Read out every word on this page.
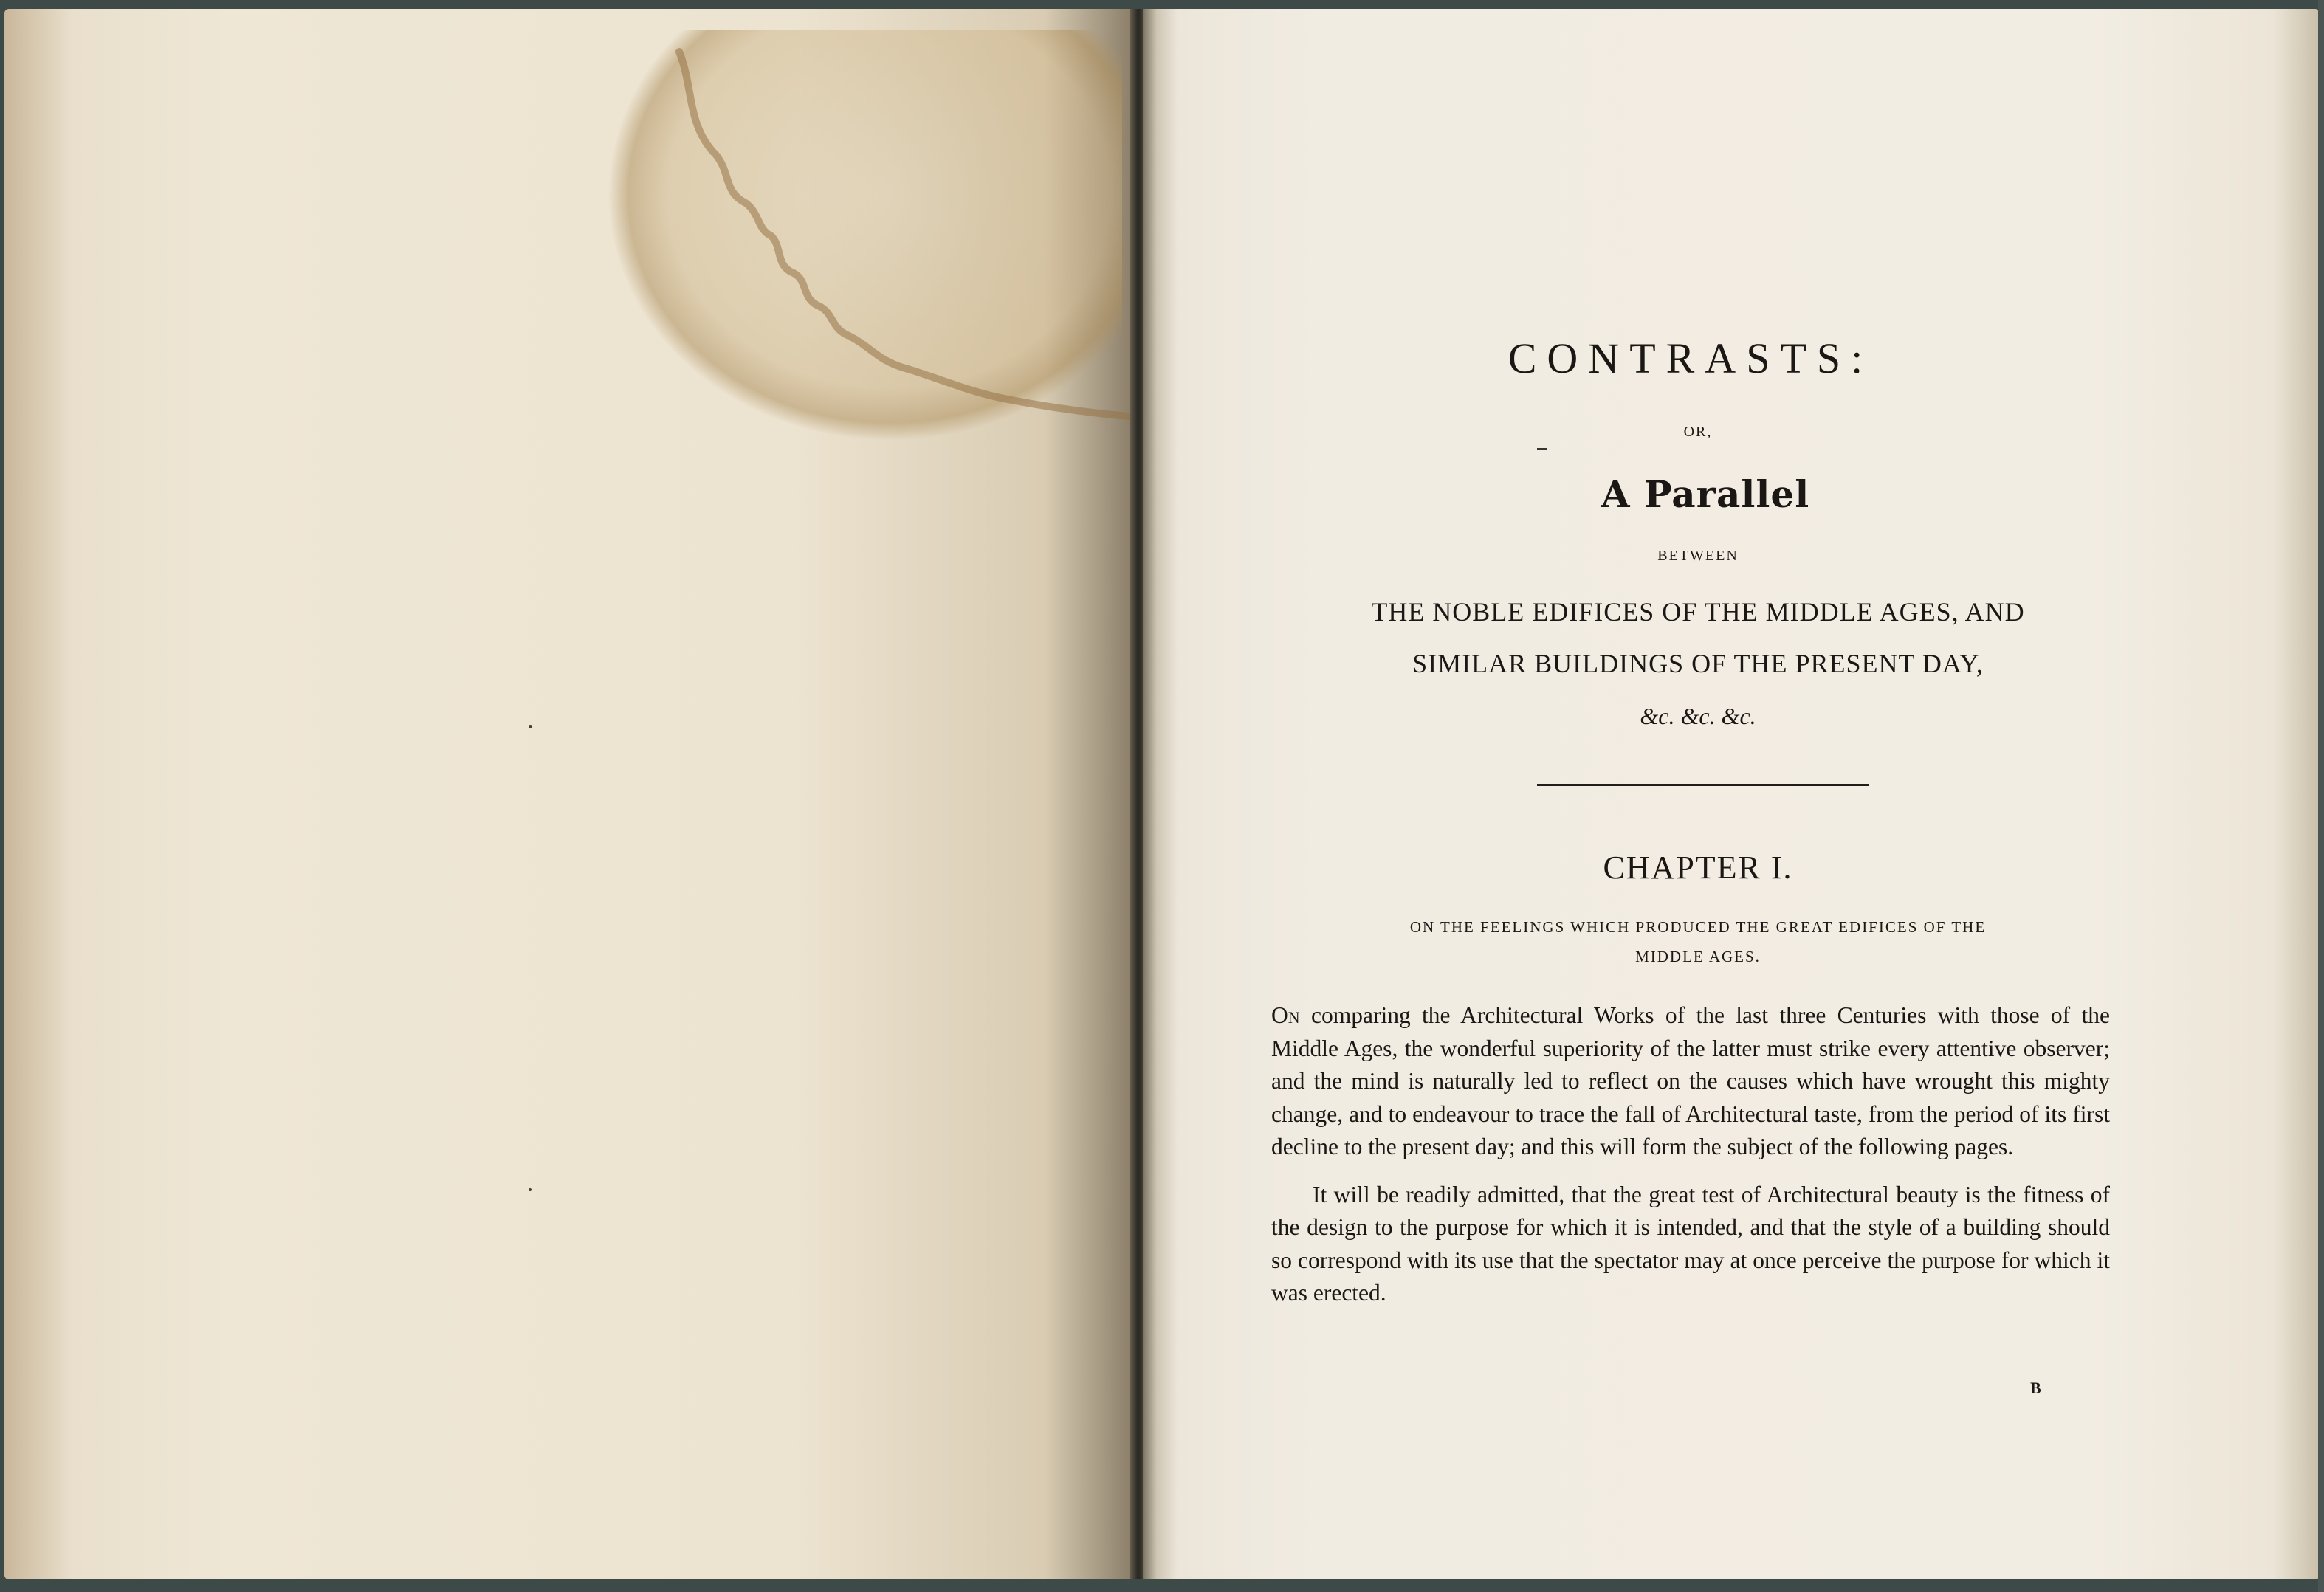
CONTRASTS:
OR,
A Parallel
BETWEEN
THE NOBLE EDIFICES OF THE MIDDLE AGES, AND
SIMILAR BUILDINGS OF THE PRESENT DAY,
&c. &c. &c.
CHAPTER I.
ON THE FEELINGS WHICH PRODUCED THE GREAT EDIFICES OF THE
MIDDLE AGES.

On comparing the Architectural Works of the last three Centuries with those of the Middle Ages, the wonderful superiority of the latter must strike every attentive observer; and the mind is naturally led to reflect on the causes which have wrought this mighty change, and to endeavour to trace the fall of Architectural taste, from the period of its first decline to the present day; and this will form the subject of the following pages.

It will be readily admitted, that the great test of Architectural beauty is the fitness of the design to the purpose for which it is intended, and that the style of a building should so correspond with its use that the spectator may at once perceive the purpose for which it was erected.

B
